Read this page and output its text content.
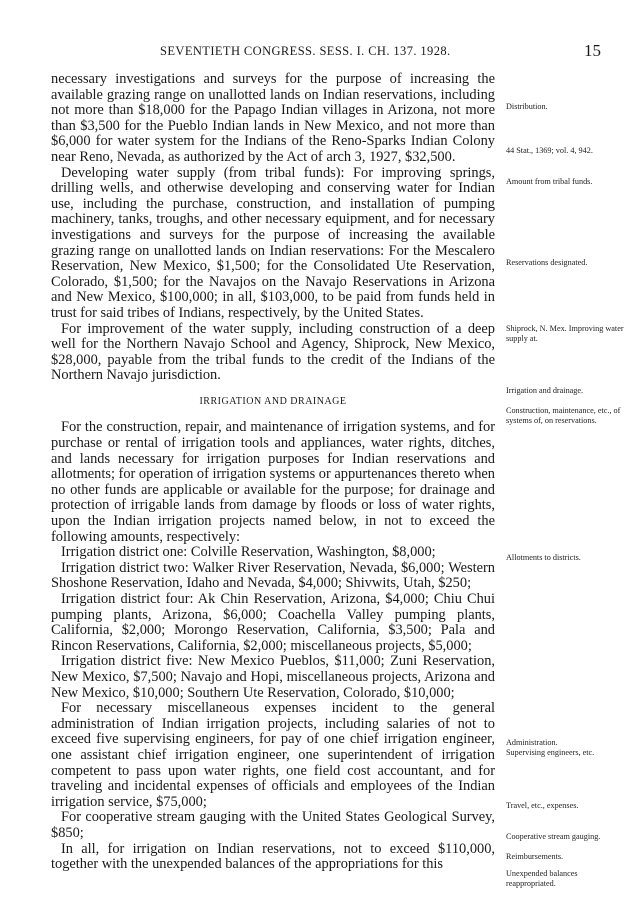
SEVENTIETH CONGRESS. SESS. I. CH. 137. 1928.	15

necessary investigations and surveys for the purpose of increasing the available grazing range on unallotted lands on Indian reservations, including not more than $18,000 for the Papago Indian villages in Arizona, not more than $3,500 for the Pueblo Indian lands in New Mexico, and not more than $6,000 for water system for the Indians of the Reno-Sparks Indian Colony near Reno, Nevada, as authorized by the Act of arch 3, 1927, $32,500.

Developing water supply (from tribal funds): For improving springs, drilling wells, and otherwise developing and conserving water for Indian use, including the purchase, construction, and installation of pumping machinery, tanks, troughs, and other necessary equipment, and for necessary investigations and surveys for the purpose of increasing the available grazing range on unallotted lands on Indian reservations: For the Mescalero Reservation, New Mexico, $1,500; for the Consolidated Ute Reservation, Colorado, $1,500; for the Navajos on the Navajo Reservations in Arizona and New Mexico, $100,000; in all, $103,000, to be paid from funds held in trust for said tribes of Indians, respectively, by the United States.

For improvement of the water supply, including construction of a deep well for the Northern Navajo School and Agency, Shiprock, New Mexico, $28,000, payable from the tribal funds to the credit of the Indians of the Northern Navajo jurisdiction.

IRRIGATION AND DRAINAGE

For the construction, repair, and maintenance of irrigation systems, and for purchase or rental of irrigation tools and appliances, water rights, ditches, and lands necessary for irrigation purposes for Indian reservations and allotments; for operation of irrigation systems or appurtenances thereto when no other funds are applicable or available for the purpose; for drainage and protection of irrigable lands from damage by floods or loss of water rights, upon the Indian irrigation projects named below, in not to exceed the following amounts, respectively:

Irrigation district one: Colville Reservation, Washington, $8,000;

Irrigation district two: Walker River Reservation, Nevada, $6,000; Western Shoshone Reservation, Idaho and Nevada, $4,000; Shivwits, Utah, $250;

Irrigation district four: Ak Chin Reservation, Arizona, $4,000; Chiu Chui pumping plants, Arizona, $6,000; Coachella Valley pumping plants, California, $2,000; Morongo Reservation, California, $3,500; Pala and Rincon Reservations, California, $2,000; miscellaneous projects, $5,000;

Irrigation district five: New Mexico Pueblos, $11,000; Zuni Reservation, New Mexico, $7,500; Navajo and Hopi, miscellaneous projects, Arizona and New Mexico, $10,000; Southern Ute Reservation, Colorado, $10,000;

For necessary miscellaneous expenses incident to the general administration of Indian irrigation projects, including salaries of not to exceed five supervising engineers, for pay of one chief irrigation engineer, one assistant chief irrigation engineer, one superintendent of irrigation competent to pass upon water rights, one field cost accountant, and for traveling and incidental expenses of officials and employees of the Indian irrigation service, $75,000;

For cooperative stream gauging with the United States Geological Survey, $850;

In all, for irrigation on Indian reservations, not to exceed $110,000, together with the unexpended balances of the appropriations for this

Distribution.
44 Stat., 1369; vol. 4, 942.
Amount from tribal funds.
Reservations designated.
Shiprock, N. Mex. Improving water supply at.
Irrigation and drainage.
Construction, maintenance, etc., of systems of, on reservations.
Allotments to districts.
Administration.
Supervising engineers, etc.
Travel, etc., expenses.
Cooperative stream gauging.
Reimbursements.
Unexpended balances reappropriated.
